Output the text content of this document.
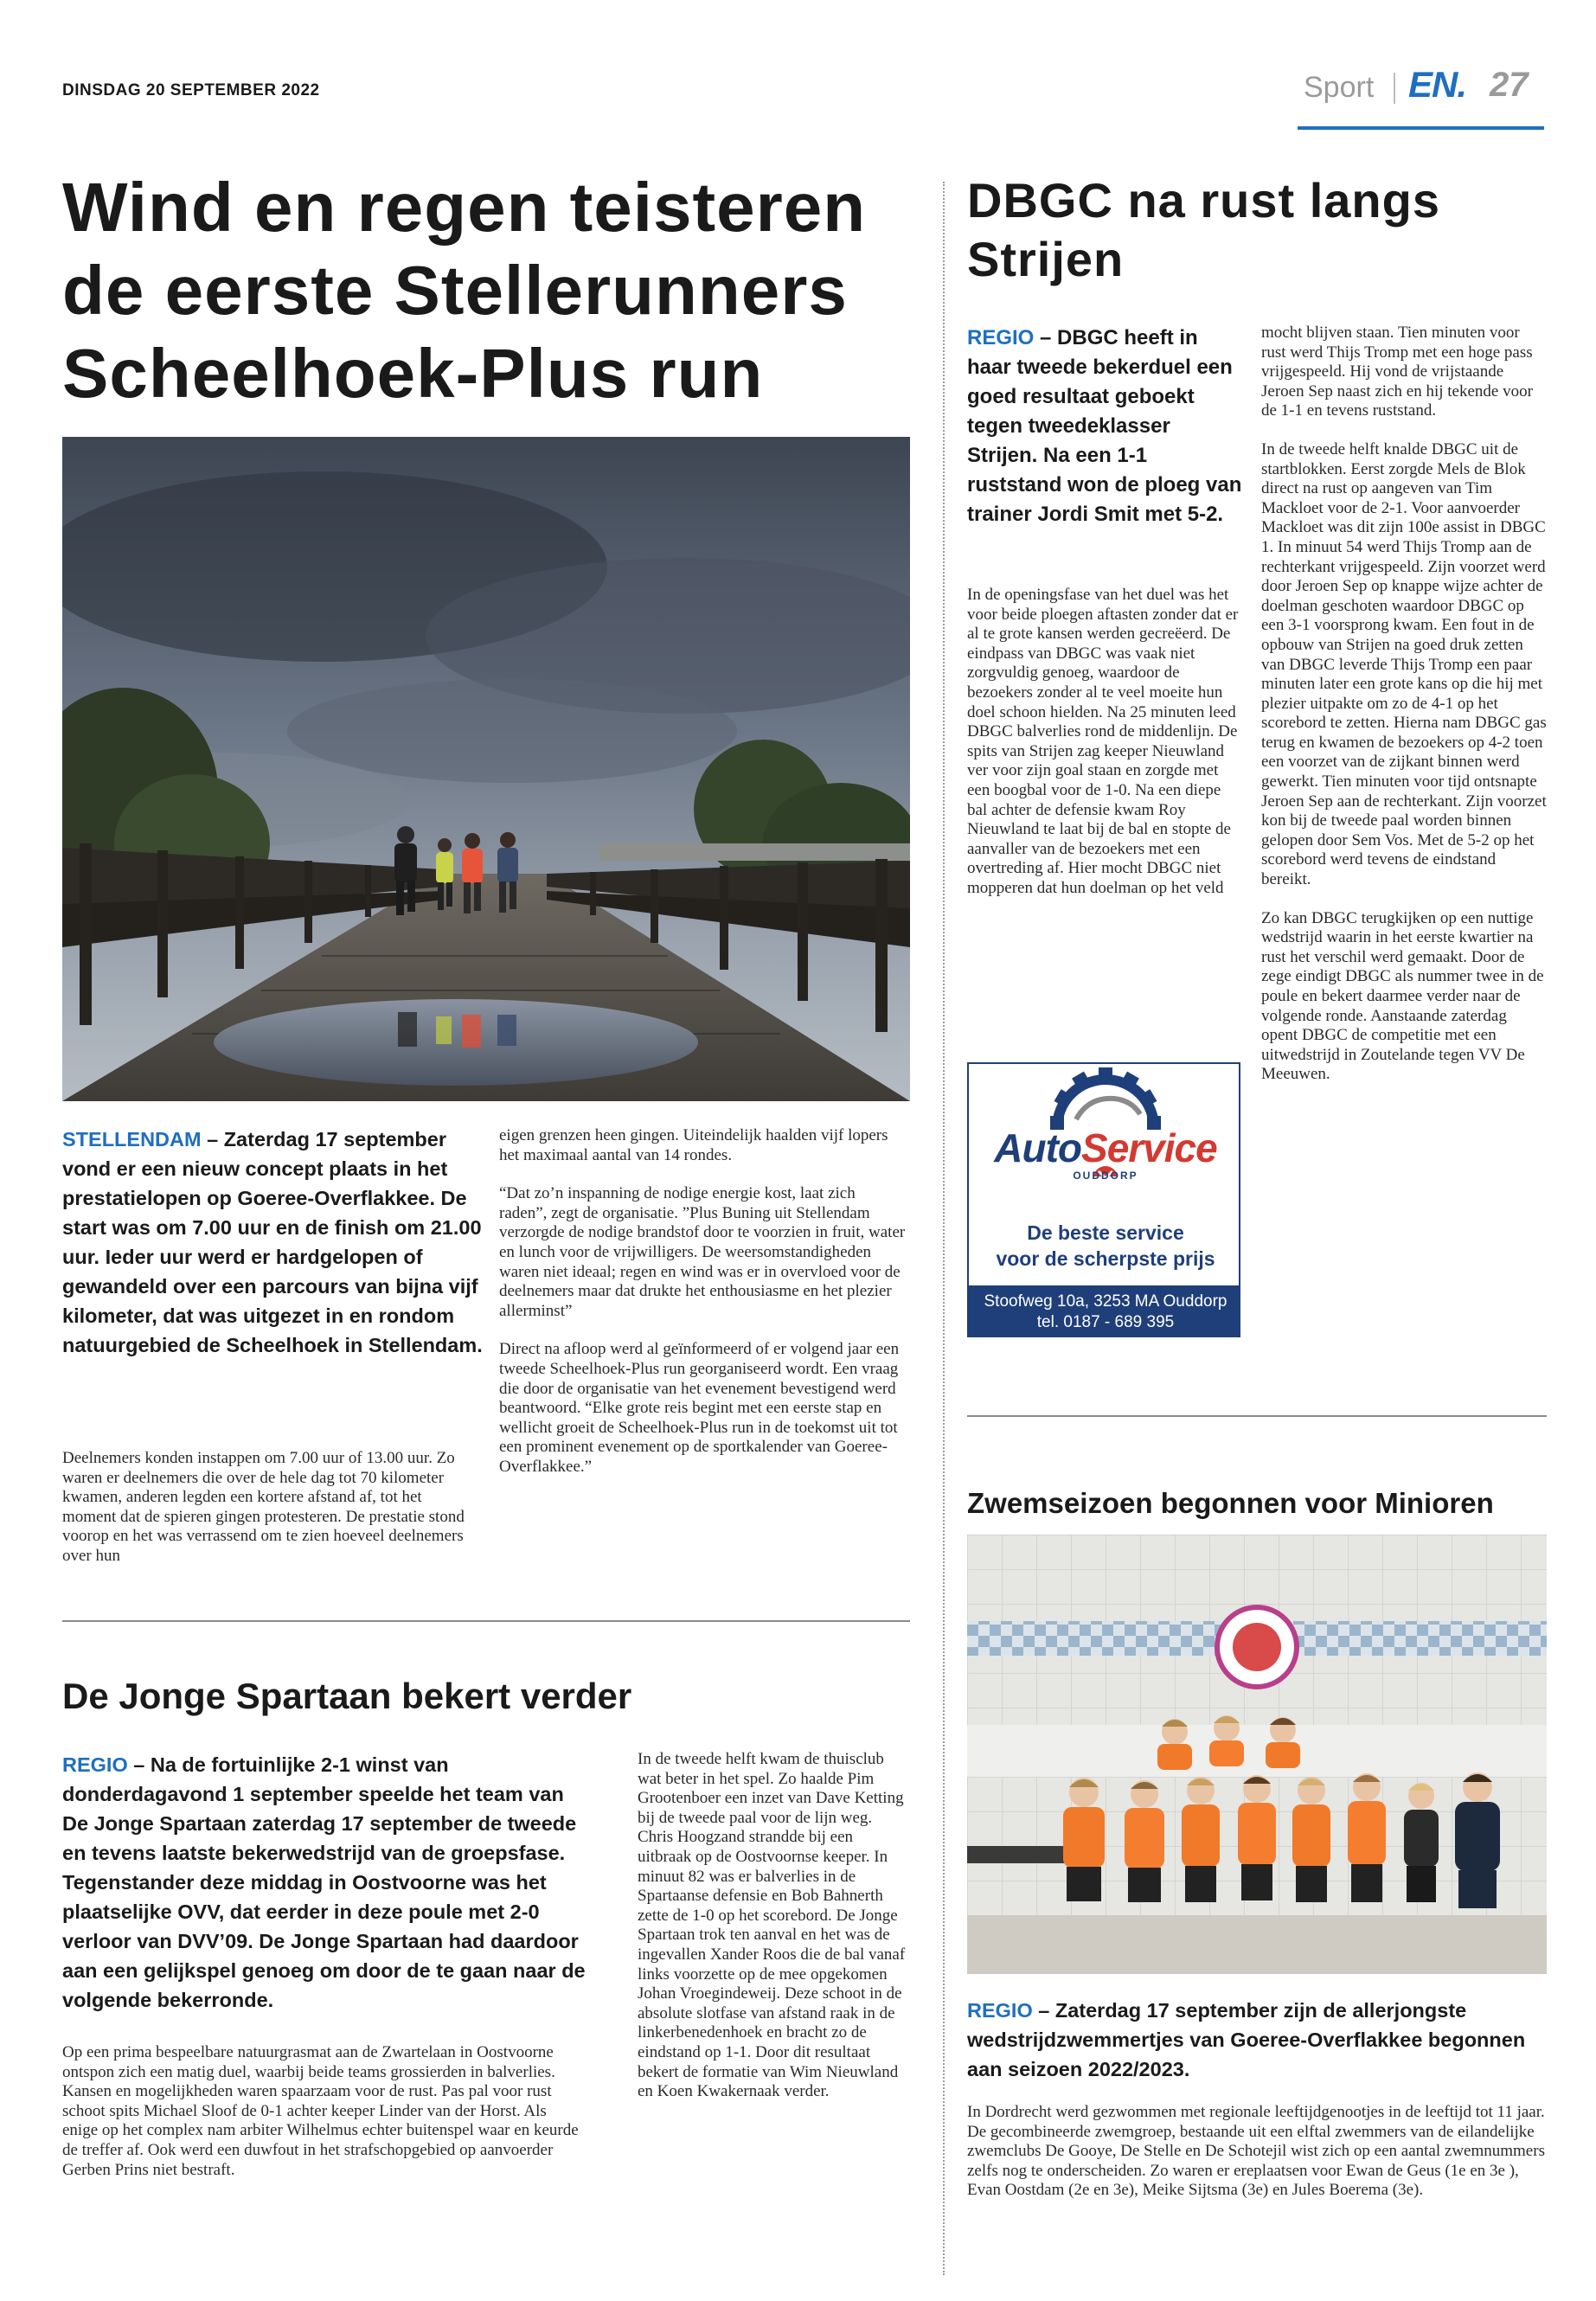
DINSDAG 20 SEPTEMBER 2022	Sport EN. 27
Wind en regen teisteren de eerste Stellerunners Scheelhoek-Plus run
STELLENDAM – Zaterdag 17 september vond er een nieuw concept plaats in het prestatielopen op Goeree-Overflakkee. De start was om 7.00 uur en de finish om 21.00 uur. Ieder uur werd er hardgelopen of gewandeld over een parcours van bijna vijf kilometer, dat was uitgezet in en rondom natuurgebied de Scheelhoek in Stellendam.

Deelnemers konden instappen om 7.00 uur of 13.00 uur. Zo waren er deelnemers die over de hele dag tot 70 kilometer kwamen, anderen legden een kortere afstand af, tot het moment dat de spieren gingen protesteren. De prestatie stond voorop en het was verrassend om te zien hoeveel deelnemers over hun

eigen grenzen heen gingen. Uiteindelijk haalden vijf lopers het maximaal aantal van 14 rondes.

“Dat zo’n inspanning de nodige energie kost, laat zich raden”, zegt de organisatie. ”Plus Buning uit Stellendam verzorgde de nodige brandstof door te voorzien in fruit, water en lunch voor de vrijwilligers. De weersomstandigheden waren niet ideaal; regen en wind was er in overvloed voor de deelnemers maar dat drukte het enthousiasme en het plezier allerminst”

Direct na afloop werd al geïnformeerd of er volgend jaar een tweede Scheelhoek-Plus run georganiseerd wordt. Een vraag die door de organisatie van het evenement bevestigend werd beantwoord. “Elke grote reis begint met een eerste stap en wellicht groeit de Scheelhoek-Plus run in de toekomst uit tot een prominent evenement op de sportkalender van Goeree-Overflakkee.”

De Jonge Spartaan bekert verder
REGIO – Na de fortuinlijke 2-1 winst van donderdagavond 1 september speelde het team van De Jonge Spartaan zaterdag 17 september de tweede en tevens laatste bekerwedstrijd van de groepsfase. Tegenstander deze middag in Oostvoorne was het plaatselijke OVV, dat eerder in deze poule met 2-0 verloor van DVV’09. De Jonge Spartaan had daardoor aan een gelijkspel genoeg om door de te gaan naar de volgende bekerronde.

Op een prima bespeelbare natuurgrasmat aan de Zwartelaan in Oostvoorne ontspon zich een matig duel, waarbij beide teams grossierden in balverlies. Kansen en mogelijkheden waren spaarzaam voor de rust. Pas pal voor rust schoot spits Michael Sloof de 0-1 achter keeper Linder van der Horst. Als enige op het complex nam arbiter Wilhelmus echter buitenspel waar en keurde de treffer af. Ook werd een duwfout in het strafschopgebied op aanvoerder Gerben Prins niet bestraft.

In de tweede helft kwam de thuisclub wat beter in het spel. Zo haalde Pim Grootenboer een inzet van Dave Ketting bij de tweede paal voor de lijn weg. Chris Hoogzand strandde bij een uitbraak op de Oostvoornse keeper. In minuut 82 was er balverlies in de Spartaanse defensie en Bob Bahnerth zette de 1-0 op het scorebord. De Jonge Spartaan trok ten aanval en het was de ingevallen Xander Roos die de bal vanaf links voorzette op de mee opgekomen Johan Vroegindeweij. Deze schoot in de absolute slotfase van afstand raak in de linkerbenedenhoek en bracht zo de eindstand op 1-1. Door dit resultaat bekert de formatie van Wim Nieuwland en Koen Kwakernaak verder.

DBGC na rust langs Strijen
REGIO – DBGC heeft in haar tweede bekerduel een goed resultaat geboekt tegen tweedeklasser Strijen. Na een 1-1 ruststand won de ploeg van trainer Jordi Smit met 5-2.

In de openingsfase van het duel was het voor beide ploegen aftasten zonder dat er al te grote kansen werden gecreëerd. De eindpass van DBGC was vaak niet zorgvuldig genoeg, waardoor de bezoekers zonder al te veel moeite hun doel schoon hielden. Na 25 minuten leed DBGC balverlies rond de middenlijn. De spits van Strijen zag keeper Nieuwland ver voor zijn goal staan en zorgde met een boogbal voor de 1-0. Na een diepe bal achter de defensie kwam Roy Nieuwland te laat bij de bal en stopte de aanvaller van de bezoekers met een overtreding af. Hier mocht DBGC niet mopperen dat hun doelman op het veld

mocht blijven staan. Tien minuten voor rust werd Thijs Tromp met een hoge pass vrijgespeeld. Hij vond de vrijstaande Jeroen Sep naast zich en hij tekende voor de 1-1 en tevens ruststand.

In de tweede helft knalde DBGC uit de startblokken. Eerst zorgde Mels de Blok direct na rust op aangeven van Tim Mackloet voor de 2-1. Voor aanvoerder Mackloet was dit zijn 100e assist in DBGC 1. In minuut 54 werd Thijs Tromp aan de rechterkant vrijgespeeld. Zijn voorzet werd door Jeroen Sep op knappe wijze achter de doelman geschoten waardoor DBGC op een 3-1 voorsprong kwam. Een fout in de opbouw van Strijen na goed druk zetten van DBGC leverde Thijs Tromp een paar minuten later een grote kans op die hij met plezier uitpakte om zo de 4-1 op het scorebord te zetten. Hierna nam DBGC gas terug en kwamen de bezoekers op 4-2 toen een voorzet van de zijkant binnen werd gewerkt. Tien minuten voor tijd ontsnapte Jeroen Sep aan de rechterkant. Zijn voorzet kon bij de tweede paal worden binnen gelopen door Sem Vos. Met de 5-2 op het scorebord werd tevens de eindstand bereikt.

Zo kan DBGC terugkijken op een nuttige wedstrijd waarin in het eerste kwartier na rust het verschil werd gemaakt. Door de zege eindigt DBGC als nummer twee in de poule en bekert daarmee verder naar de volgende ronde. Aanstaande zaterdag opent DBGC de competitie met een uitwedstrijd in Zoutelande tegen VV De Meeuwen.

AutoService
OUDDORP
De beste service
voor de scherpste prijs
Stoofweg 10a, 3253 MA Ouddorp
tel. 0187 - 689 395
Zwemseizoen begonnen voor Minioren
REGIO – Zaterdag 17 september zijn de allerjongste wedstrijdzwemmertjes van Goeree-Overflakkee begonnen aan seizoen 2022/2023.

In Dordrecht werd gezwommen met regionale leeftijdgenootjes in de leeftijd tot 11 jaar. De gecombineerde zwemgroep, bestaande uit een elftal zwemmers van de eilandelijke zwemclubs De Gooye, De Stelle en De Schotejil wist zich op een aantal zwemnummers zelfs nog te onderscheiden. Zo waren er ereplaatsen voor Ewan de Geus (1e en 3e ), Evan Oostdam (2e en 3e), Meike Sijtsma (3e) en Jules Boerema (3e).
